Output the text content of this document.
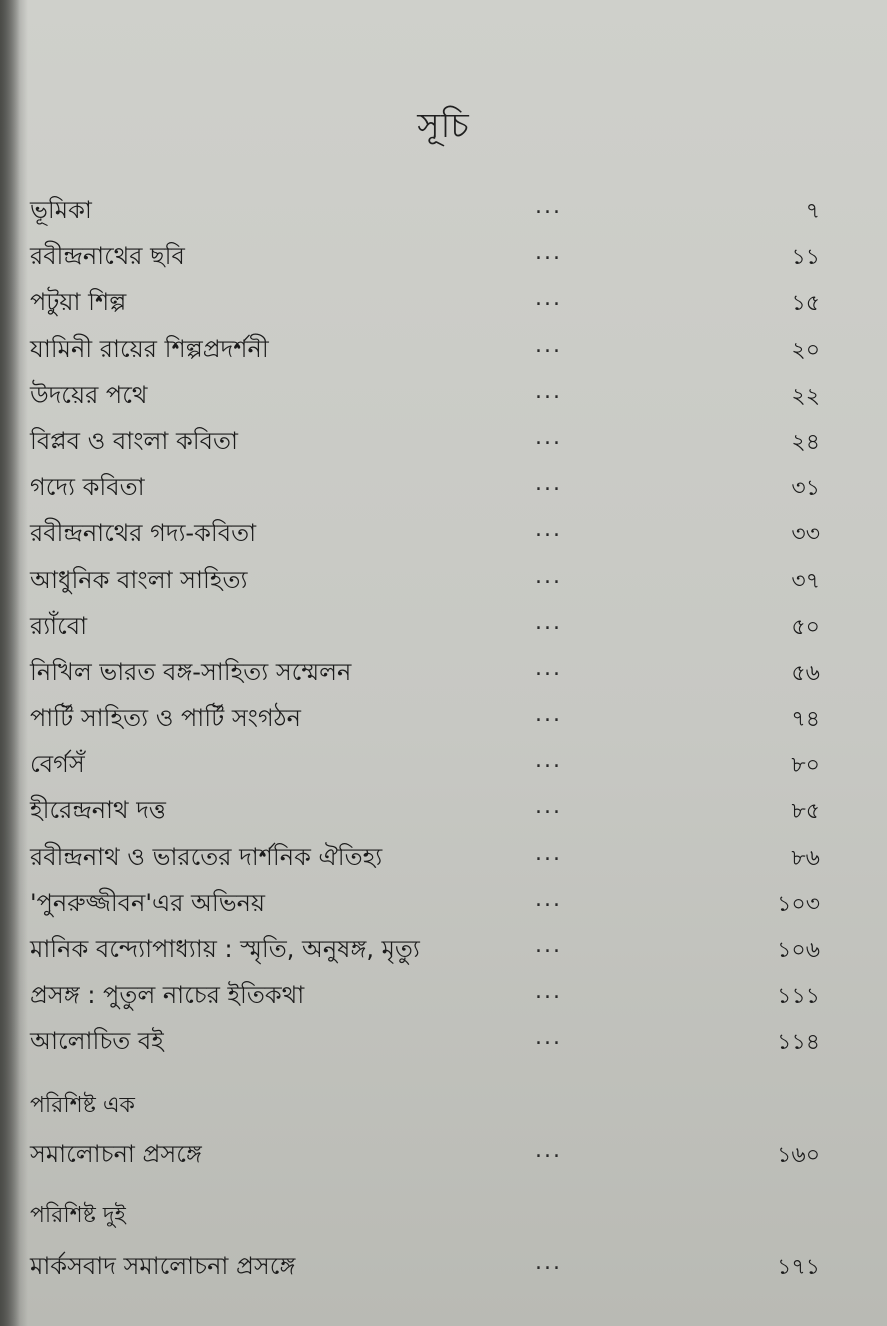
সূচি
ভূমিকা	...	৭
রবীন্দ্রনাথের ছবি	...	১১
পটুয়া শিল্প	...	১৫
যামিনী রায়ের শিল্পপ্রদর্শনী	...	২০
উদয়ের পথে	...	২২
বিপ্লব ও বাংলা কবিতা	...	২৪
গদ্যে কবিতা	...	৩১
রবীন্দ্রনাথের গদ্য-কবিতা	...	৩৩
আধুনিক বাংলা সাহিত্য	...	৩৭
র‍্যাঁবো	...	৫০
নিখিল ভারত বঙ্গ-সাহিত্য সম্মেলন	...	৫৬
পার্টি সাহিত্য ও পার্টি সংগঠন	...	৭৪
বের্গসঁ	...	৮০
হীরেন্দ্রনাথ দত্ত	...	৮৫
রবীন্দ্রনাথ ও ভারতের দার্শনিক ঐতিহ্য	...	৮৬
'পুনরুজ্জীবন'এর অভিনয়	...	১০৩
মানিক বন্দ্যোপাধ্যায় : স্মৃতি, অনুষঙ্গ, মৃত্যু	...	১০৬
প্রসঙ্গ : পুতুল নাচের ইতিকথা	...	১১১
আলোচিত বই	...	১১৪
পরিশিষ্ট এক
সমালোচনা প্রসঙ্গে	...	১৬০
পরিশিষ্ট দুই
মার্কসবাদ সমালোচনা প্রসঙ্গে	...	১৭১
